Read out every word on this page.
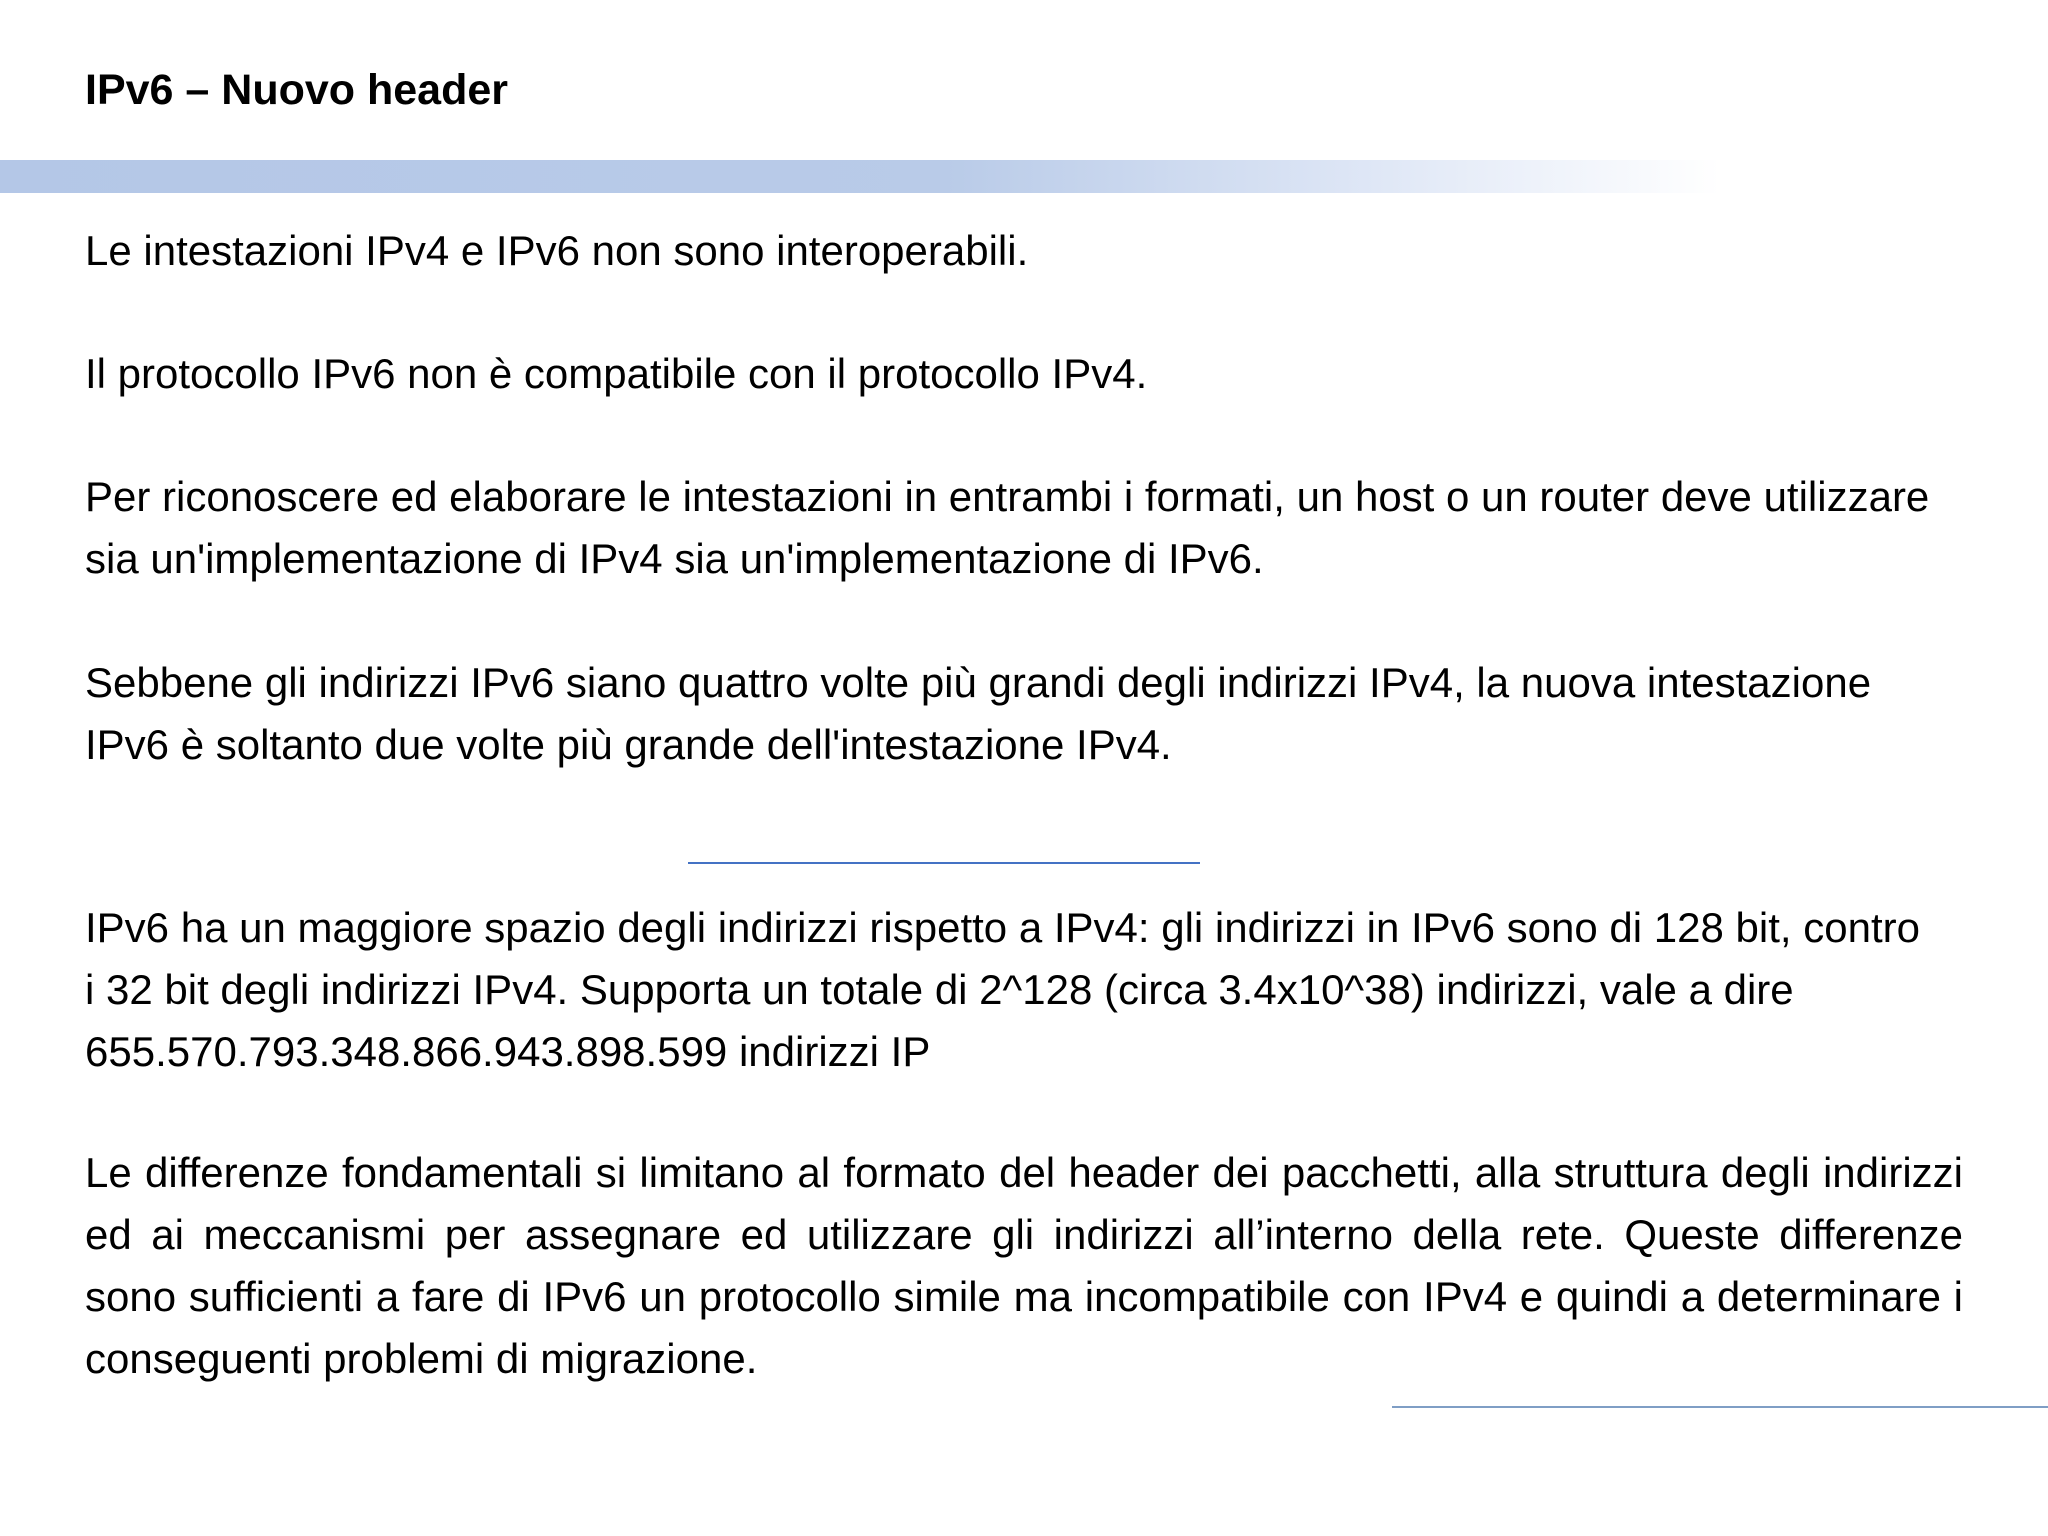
IPv6 – Nuovo header
Le intestazioni IPv4 e IPv6 non sono interoperabili.
Il protocollo IPv6 non è compatibile con il protocollo IPv4.
Per riconoscere ed elaborare le intestazioni in entrambi i formati, un host o un router deve utilizzare sia un'implementazione di IPv4 sia un'implementazione di IPv6.
Sebbene gli indirizzi IPv6 siano quattro volte più grandi degli indirizzi IPv4, la nuova intestazione IPv6 è soltanto due volte più grande dell'intestazione IPv4.
IPv6 ha un maggiore spazio degli indirizzi rispetto a IPv4: gli indirizzi in IPv6 sono di 128 bit, contro i 32 bit degli indirizzi IPv4. Supporta un totale di 2^128 (circa 3.4x10^38) indirizzi, vale a dire 655.570.793.348.866.943.898.599 indirizzi IP
Le differenze fondamentali si limitano al formato del header dei pacchetti, alla struttura degli indirizzi ed ai meccanismi per assegnare ed utilizzare gli indirizzi all’interno della rete. Queste differenze sono sufficienti a fare di IPv6 un protocollo simile ma incompatibile con IPv4 e quindi a determinare i conseguenti problemi di migrazione.
